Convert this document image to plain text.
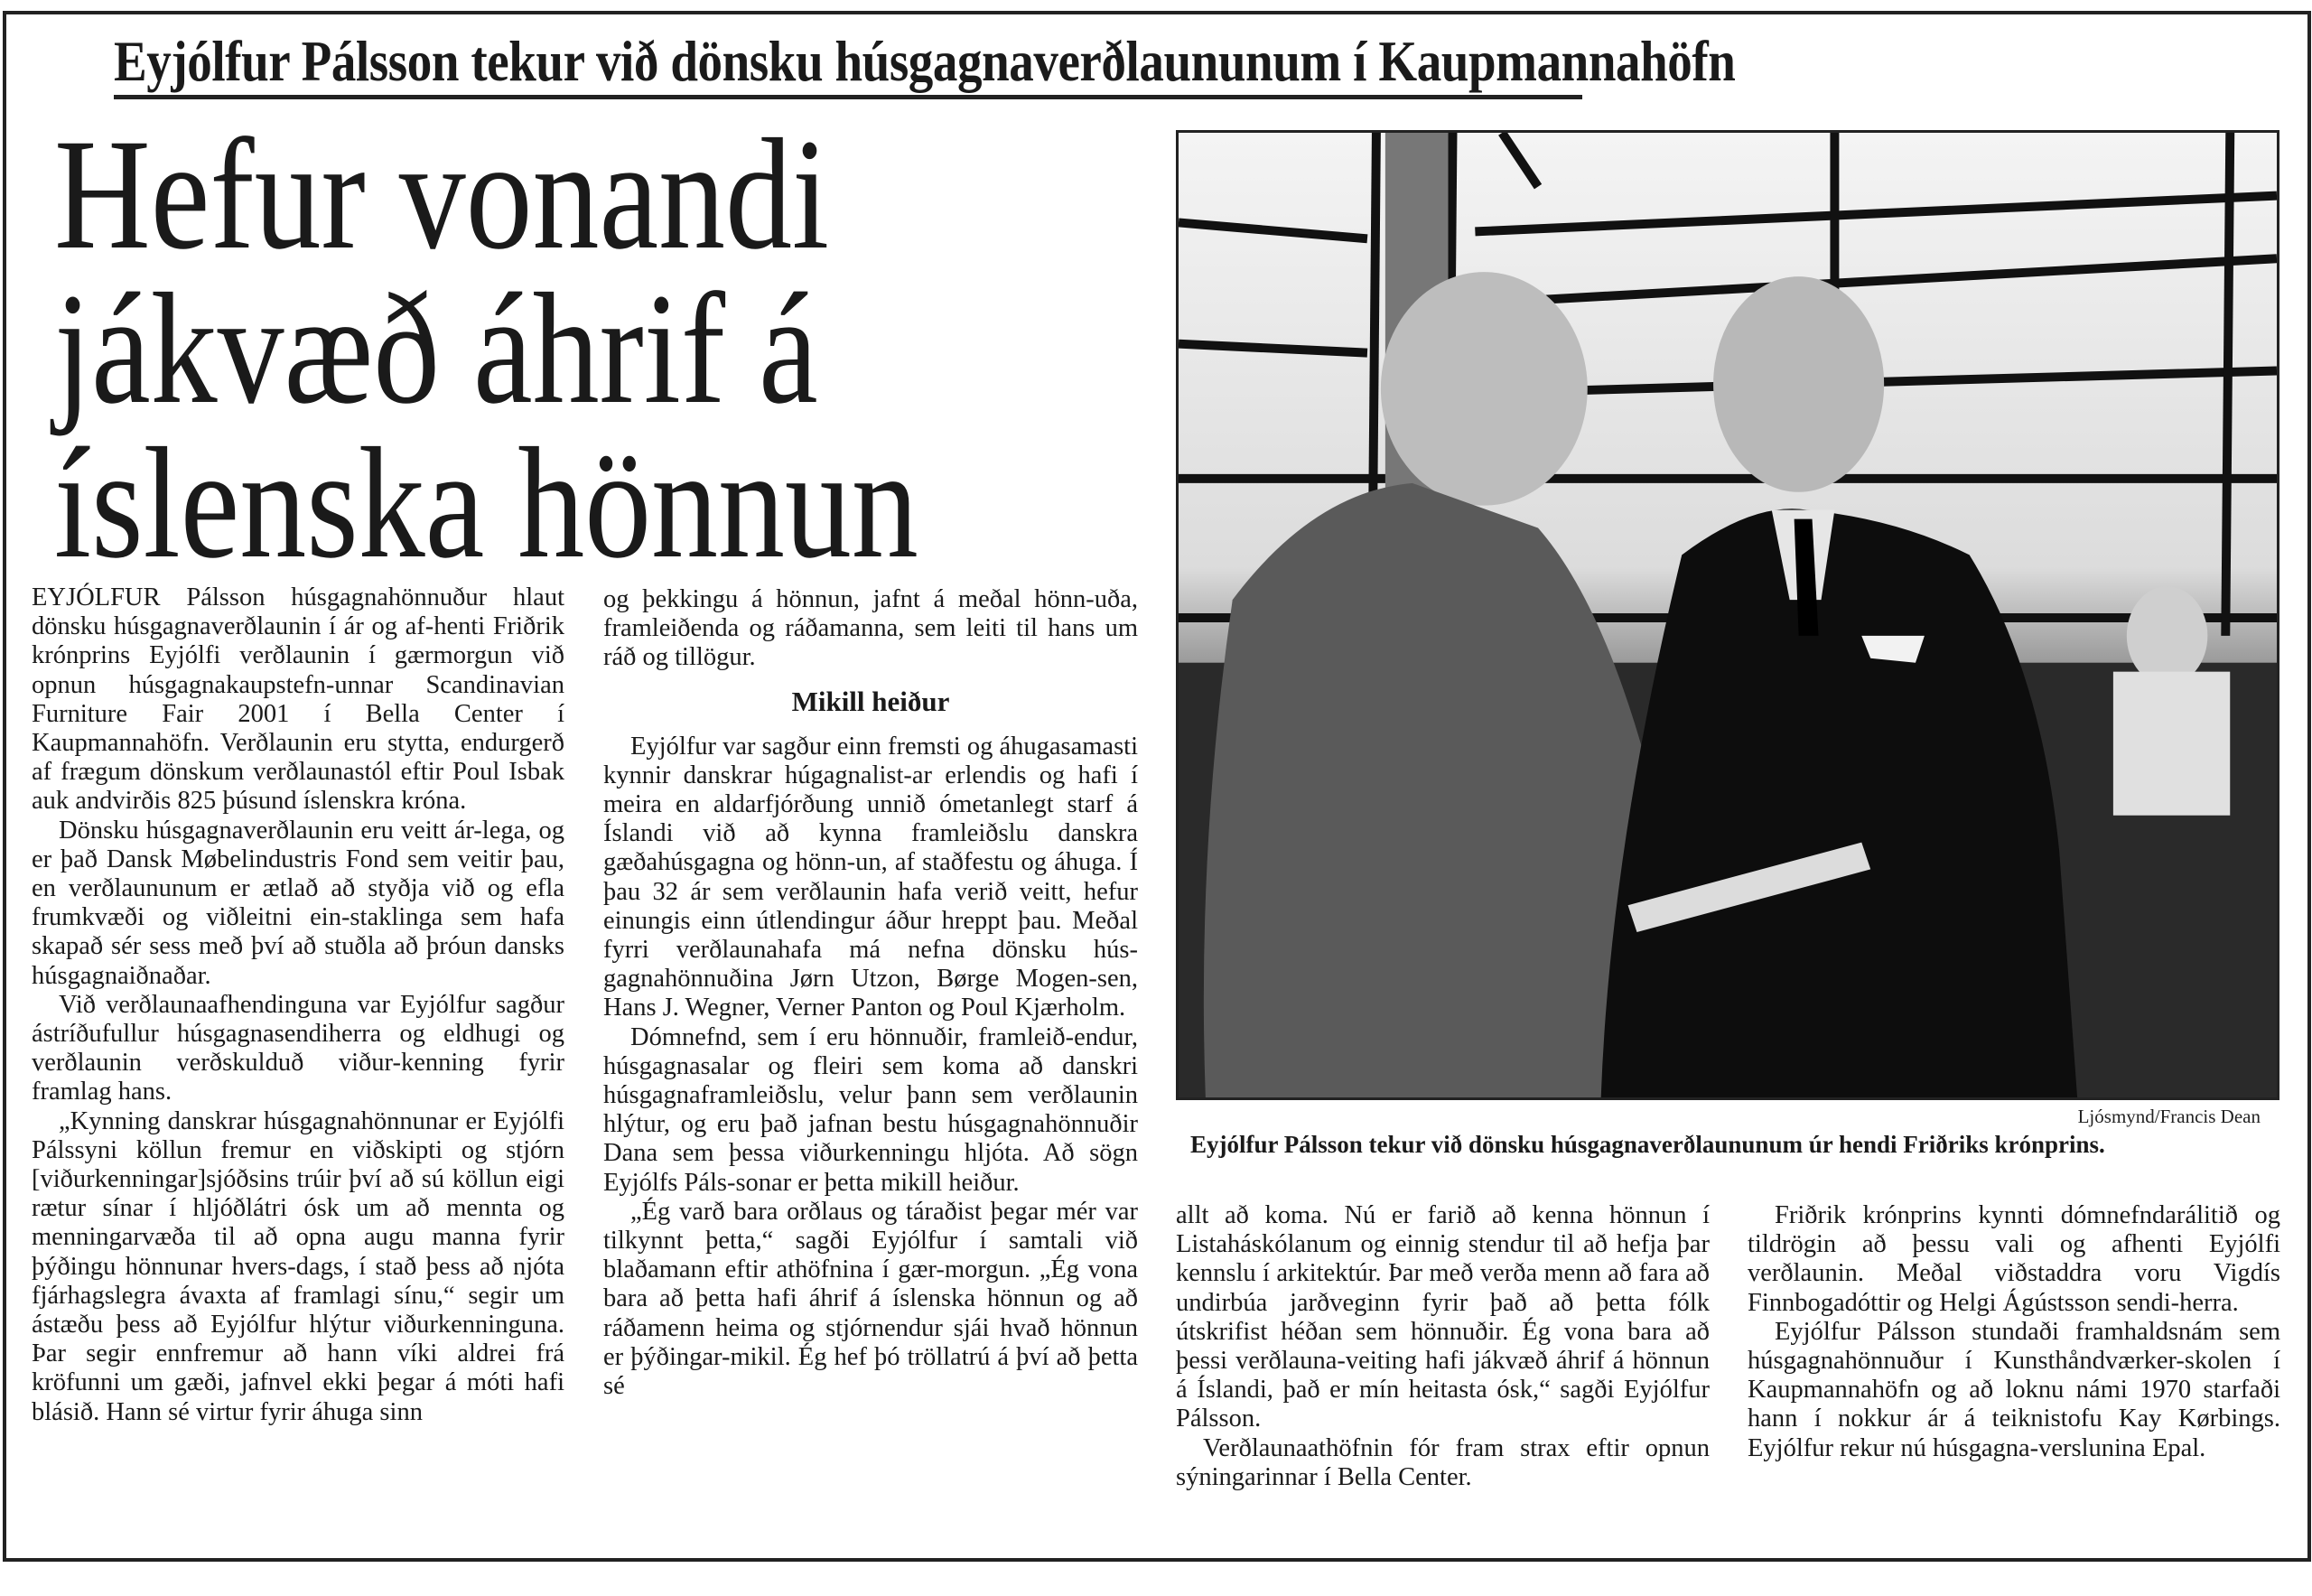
Eyjólfur Pálsson tekur við dönsku húsgagnaverðlaununum í Kaupmannahöfn
Hefur vonandi
jákvæð áhrif á
íslenska hönnun

EYJÓLFUR Pálsson húsgagnahönnuður hlaut dönsku húsgagnaverðlaunin í ár og af-henti Friðrik krónprins Eyjólfi verðlaunin í gærmorgun við opnun húsgagnakaupstefn-unnar Scandinavian Furniture Fair 2001 í Bella Center í Kaupmannahöfn. Verðlaunin eru stytta, endurgerð af frægum dönskum verðlaunastól eftir Poul Isbak auk andvirðis 825 þúsund íslenskra króna.

Dönsku húsgagnaverðlaunin eru veitt ár-lega, og er það Dansk Møbelindustris Fond sem veitir þau, en verðlaununum er ætlað að styðja við og efla frumkvæði og viðleitni ein-staklinga sem hafa skapað sér sess með því að stuðla að þróun dansks húsgagnaiðnaðar.

Við verðlaunaafhendinguna var Eyjólfur sagður ástríðufullur húsgagnasendiherra og eldhugi og verðlaunin verðskulduð viður-kenning fyrir framlag hans.

„Kynning danskrar húsgagnahönnunar er Eyjólfi Pálssyni köllun fremur en viðskipti og stjórn [viðurkenningar]sjóðsins trúir því að sú köllun eigi rætur sínar í hljóðlátri ósk um að mennta og menningarvæða til að opna augu manna fyrir þýðingu hönnunar hvers-dags, í stað þess að njóta fjárhagslegra ávaxta af framlagi sínu,“ segir um ástæðu þess að Eyjólfur hlýtur viðurkenninguna. Þar segir ennfremur að hann víki aldrei frá kröfunni um gæði, jafnvel ekki þegar á móti hafi blásið. Hann sé virtur fyrir áhuga sinn

og þekkingu á hönnun, jafnt á meðal hönn-uða, framleiðenda og ráðamanna, sem leiti til hans um ráð og tillögur.

Mikill heiður

Eyjólfur var sagður einn fremsti og áhugasamasti kynnir danskrar húgagnalist-ar erlendis og hafi í meira en aldarfjórðung unnið ómetanlegt starf á Íslandi við að kynna framleiðslu danskra gæðahúsgagna og hönn-un, af staðfestu og áhuga. Í þau 32 ár sem verðlaunin hafa verið veitt, hefur einungis einn útlendingur áður hreppt þau. Meðal fyrri verðlaunahafa má nefna dönsku hús-gagnahönnuðina Jørn Utzon, Børge Mogen-sen, Hans J. Wegner, Verner Panton og Poul Kjærholm.

Dómnefnd, sem í eru hönnuðir, framleið-endur, húsgagnasalar og fleiri sem koma að danskri húsgagnaframleiðslu, velur þann sem verðlaunin hlýtur, og eru það jafnan bestu húsgagnahönnuðir Dana sem þessa viðurkenningu hljóta. Að sögn Eyjólfs Páls-sonar er þetta mikill heiður.

„Ég varð bara orðlaus og táraðist þegar mér var tilkynnt þetta,“ sagði Eyjólfur í samtali við blaðamann eftir athöfnina í gær-morgun. „Ég vona bara að þetta hafi áhrif á íslenska hönnun og að ráðamenn heima og stjórnendur sjái hvað hönnun er þýðingar-mikil. Ég hef þó tröllatrú á því að þetta sé

Ljósmynd/Francis Dean
Eyjólfur Pálsson tekur við dönsku húsgagnaverðlaununum úr hendi Friðriks krónprins.

allt að koma. Nú er farið að kenna hönnun í Listaháskólanum og einnig stendur til að hefja þar kennslu í arkitektúr. Þar með verða menn að fara að undirbúa jarðveginn fyrir það að þetta fólk útskrifist héðan sem hönnuðir. Ég vona bara að þessi verðlauna-veiting hafi jákvæð áhrif á hönnun á Íslandi, það er mín heitasta ósk,“ sagði Eyjólfur Pálsson.

Verðlaunaathöfnin fór fram strax eftir opnun sýningarinnar í Bella Center.

Friðrik krónprins kynnti dómnefndarálitið og tildrögin að þessu vali og afhenti Eyjólfi verðlaunin. Meðal viðstaddra voru Vigdís Finnbogadóttir og Helgi Ágústsson sendi-herra.

Eyjólfur Pálsson stundaði framhaldsnám sem húsgagnahönnuður í Kunsthåndværker-skolen í Kaupmannahöfn og að loknu námi 1970 starfaði hann í nokkur ár á teiknistofu Kay Kørbings. Eyjólfur rekur nú húsgagna-verslunina Epal.
